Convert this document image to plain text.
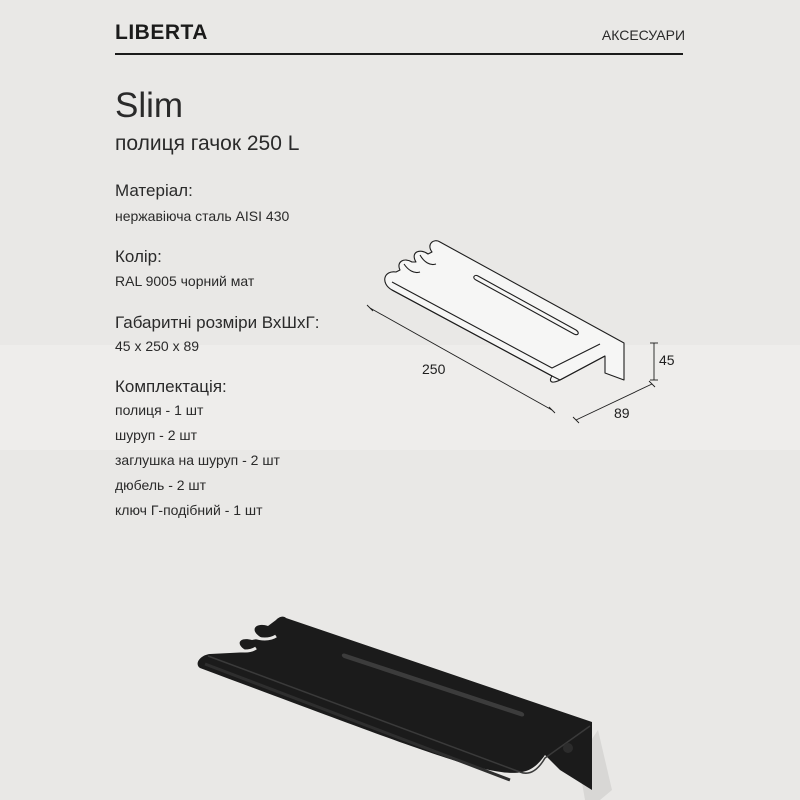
LIBERTA	АКСЕСУАРИ
Slim
полиця гачок 250 L
Матеріал:
нержавіюча сталь AISI 430
Колір:
RAL 9005 чорний мат
Габаритні розміри ВхШхГ:
45 x 250 x 89
Комплектація:
полиця - 1 шт
шуруп - 2 шт
заглушка на шуруп - 2 шт
дюбель - 2 шт
ключ Г-подібний - 1 шт
250
89
45
